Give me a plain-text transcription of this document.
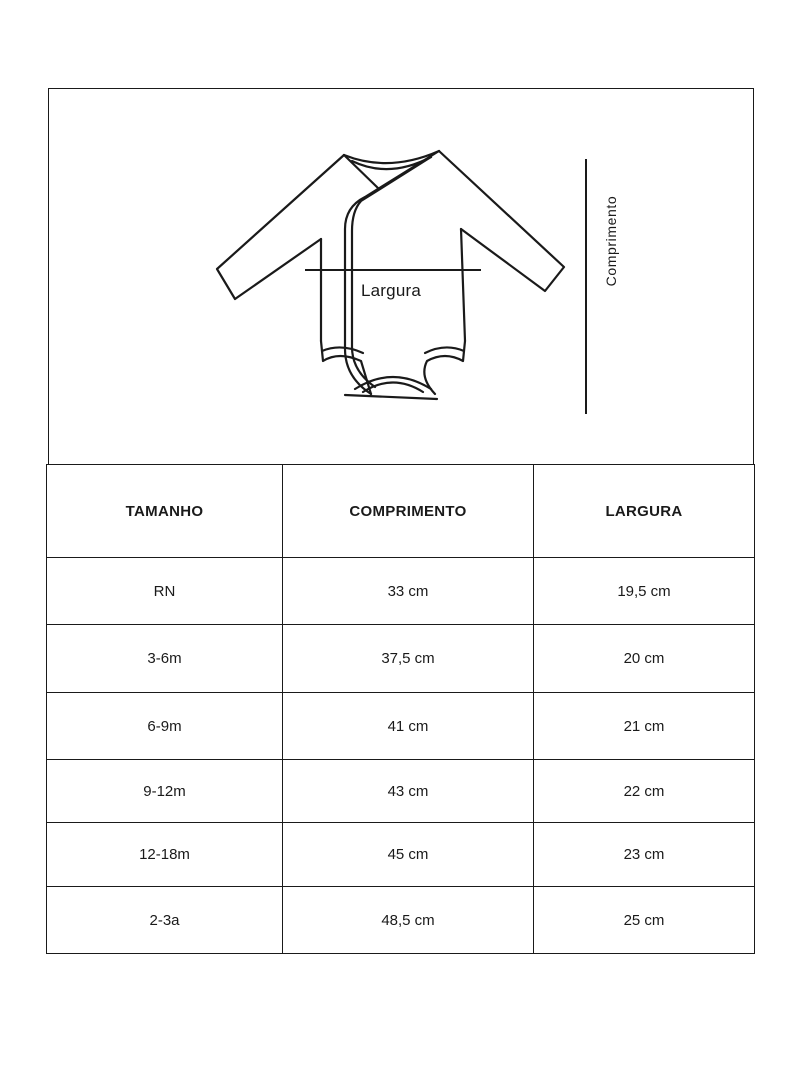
Largura
Comprimento
TAMANHO	COMPRIMENTO	LARGURA
RN	33 cm	19,5 cm
3-6m	37,5 cm	20 cm
6-9m	41 cm	21 cm
9-12m	43 cm	22 cm
12-18m	45 cm	23 cm
2-3a	48,5 cm	25 cm
